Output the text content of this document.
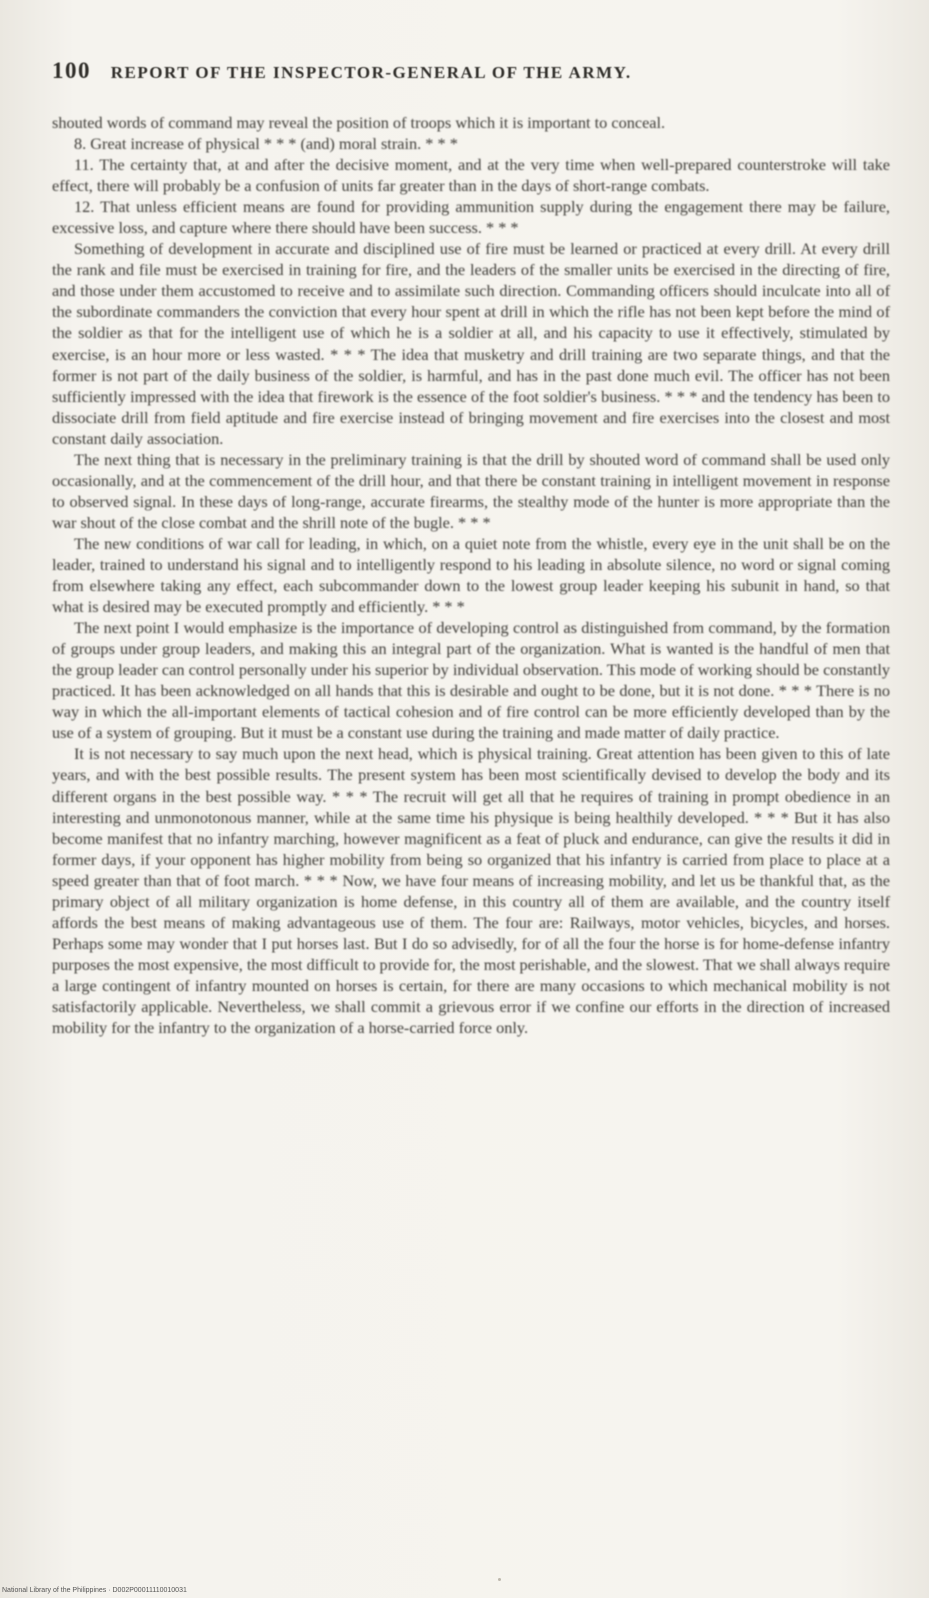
100 REPORT OF THE INSPECTOR-GENERAL OF THE ARMY.

shouted words of command may reveal the position of troops which it is important to conceal.

8. Great increase of physical * * * (and) moral strain. * * *

11. The certainty that, at and after the decisive moment, and at the very time when well-prepared counterstroke will take effect, there will probably be a confusion of units far greater than in the days of short-range combats.

12. That unless efficient means are found for providing ammunition supply during the engagement there may be failure, excessive loss, and capture where there should have been success. * * *

Something of development in accurate and disciplined use of fire must be learned or practiced at every drill. At every drill the rank and file must be exercised in training for fire, and the leaders of the smaller units be exercised in the directing of fire, and those under them accustomed to receive and to assimilate such direction. Commanding officers should inculcate into all of the subordinate commanders the conviction that every hour spent at drill in which the rifle has not been kept before the mind of the soldier as that for the intelligent use of which he is a soldier at all, and his capacity to use it effectively, stimulated by exercise, is an hour more or less wasted. * * * The idea that musketry and drill training are two separate things, and that the former is not part of the daily business of the soldier, is harmful, and has in the past done much evil. The officer has not been sufficiently impressed with the idea that firework is the essence of the foot soldier's business. * * * and the tendency has been to dissociate drill from field aptitude and fire exercise instead of bringing movement and fire exercises into the closest and most constant daily association.

The next thing that is necessary in the preliminary training is that the drill by shouted word of command shall be used only occasionally, and at the commencement of the drill hour, and that there be constant training in intelligent movement in response to observed signal. In these days of long-range, accurate firearms, the stealthy mode of the hunter is more appropriate than the war shout of the close combat and the shrill note of the bugle. * * *

The new conditions of war call for leading, in which, on a quiet note from the whistle, every eye in the unit shall be on the leader, trained to understand his signal and to intelligently respond to his leading in absolute silence, no word or signal coming from elsewhere taking any effect, each subcommander down to the lowest group leader keeping his subunit in hand, so that what is desired may be executed promptly and efficiently. * * *

The next point I would emphasize is the importance of developing control as distinguished from command, by the formation of groups under group leaders, and making this an integral part of the organization. What is wanted is the handful of men that the group leader can control personally under his superior by individual observation. This mode of working should be constantly practiced. It has been acknowledged on all hands that this is desirable and ought to be done, but it is not done. * * * There is no way in which the all-important elements of tactical cohesion and of fire control can be more efficiently developed than by the use of a system of grouping. But it must be a constant use during the training and made matter of daily practice.

It is not necessary to say much upon the next head, which is physical training. Great attention has been given to this of late years, and with the best possible results. The present system has been most scientifically devised to develop the body and its different organs in the best possible way. * * * The recruit will get all that he requires of training in prompt obedience in an interesting and unmonotonous manner, while at the same time his physique is being healthily developed. * * * But it has also become manifest that no infantry marching, however magnificent as a feat of pluck and endurance, can give the results it did in former days, if your opponent has higher mobility from being so organized that his infantry is carried from place to place at a speed greater than that of foot march. * * * Now, we have four means of increasing mobility, and let us be thankful that, as the primary object of all military organization is home defense, in this country all of them are available, and the country itself affords the best means of making advantageous use of them. The four are: Railways, motor vehicles, bicycles, and horses. Perhaps some may wonder that I put horses last. But I do so advisedly, for of all the four the horse is for home-defense infantry purposes the most expensive, the most difficult to provide for, the most perishable, and the slowest. That we shall always require a large contingent of infantry mounted on horses is certain, for there are many occasions to which mechanical mobility is not satisfactorily applicable. Nevertheless, we shall commit a grievous error if we confine our efforts in the direction of increased mobility for the infantry to the organization of a horse-carried force only.

National Library of the Philippines · D002P00011110010031
